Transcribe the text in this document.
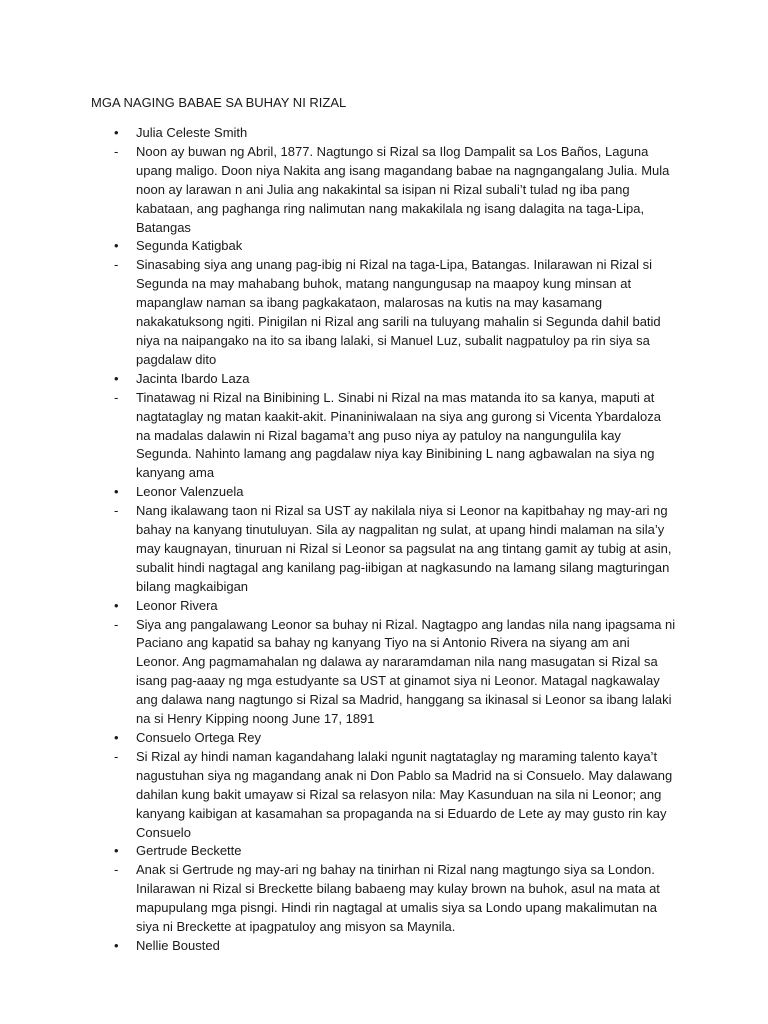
MGA NAGING BABAE SA BUHAY NI RIZAL
• Julia Celeste Smith
- Noon ay buwan ng Abril, 1877. Nagtungo si Rizal sa Ilog Dampalit sa Los Baños, Laguna upang maligo. Doon niya Nakita ang isang magandang babae na nagngangalang Julia. Mula noon ay larawan n ani Julia ang nakakintal sa isipan ni Rizal subali’t tulad ng iba pang kabataan, ang paghanga ring nalimutan nang makakilala ng isang dalagita na taga-Lipa, Batangas
• Segunda Katigbak
- Sinasabing siya ang unang pag-ibig ni Rizal na taga-Lipa, Batangas. Inilarawan ni Rizal si Segunda na may mahabang buhok, matang nangungusap na maapoy kung minsan at mapanglaw naman sa ibang pagkakataon, malarosas na kutis na may kasamang nakakatuksong ngiti. Pinigilan ni Rizal ang sarili na tuluyang mahalin si Segunda dahil batid niya na naipangako na ito sa ibang lalaki, si Manuel Luz, subalit nagpatuloy pa rin siya sa pagdalaw dito
• Jacinta Ibardo Laza
- Tinatawag ni Rizal na Binibining L. Sinabi ni Rizal na mas matanda ito sa kanya, maputi at nagtataglay ng matan kaakit-akit. Pinaniniwalaan na siya ang gurong si Vicenta Ybardaloza na madalas dalawin ni Rizal bagama’t ang puso niya ay patuloy na nangungulila kay Segunda. Nahinto lamang ang pagdalaw niya kay Binibining L nang agbawalan na siya ng kanyang ama
• Leonor Valenzuela
- Nang ikalawang taon ni Rizal sa UST ay nakilala niya si Leonor na kapitbahay ng may-ari ng bahay na kanyang tinutuluyan. Sila ay nagpalitan ng sulat, at upang hindi malaman na sila’y may kaugnayan, tinuruan ni Rizal si Leonor sa pagsulat na ang tintang gamit ay tubig at asin, subalit hindi nagtagal ang kanilang pag-iibigan at nagkasundo na lamang silang magturingan bilang magkaibigan
• Leonor Rivera
- Siya ang pangalawang Leonor sa buhay ni Rizal. Nagtagpo ang landas nila nang ipagsama ni Paciano ang kapatid sa bahay ng kanyang Tiyo na si Antonio Rivera na siyang am ani Leonor. Ang pagmamahalan ng dalawa ay nararamdaman nila nang masugatan si Rizal sa isang pag-aaay ng mga estudyante sa UST at ginamot siya ni Leonor. Matagal nagkawalay ang dalawa nang nagtungo si Rizal sa Madrid, hanggang sa ikinasal si Leonor sa ibang lalaki na si Henry Kipping noong June 17, 1891
• Consuelo Ortega Rey
- Si Rizal ay hindi naman kagandahang lalaki ngunit nagtataglay ng maraming talento kaya’t nagustuhan siya ng magandang anak ni Don Pablo sa Madrid na si Consuelo. May dalawang dahilan kung bakit umayaw si Rizal sa relasyon nila: May Kasunduan na sila ni Leonor; ang kanyang kaibigan at kasamahan sa propaganda na si Eduardo de Lete ay may gusto rin kay Consuelo
• Gertrude Beckette
- Anak si Gertrude ng may-ari ng bahay na tinirhan ni Rizal nang magtungo siya sa London. Inilarawan ni Rizal si Breckette bilang babaeng may kulay brown na buhok, asul na mata at mapupulang mga pisngi. Hindi rin nagtagal at umalis siya sa Londo upang makalimutan na siya ni Breckette at ipagpatuloy ang misyon sa Maynila.
• Nellie Bousted
